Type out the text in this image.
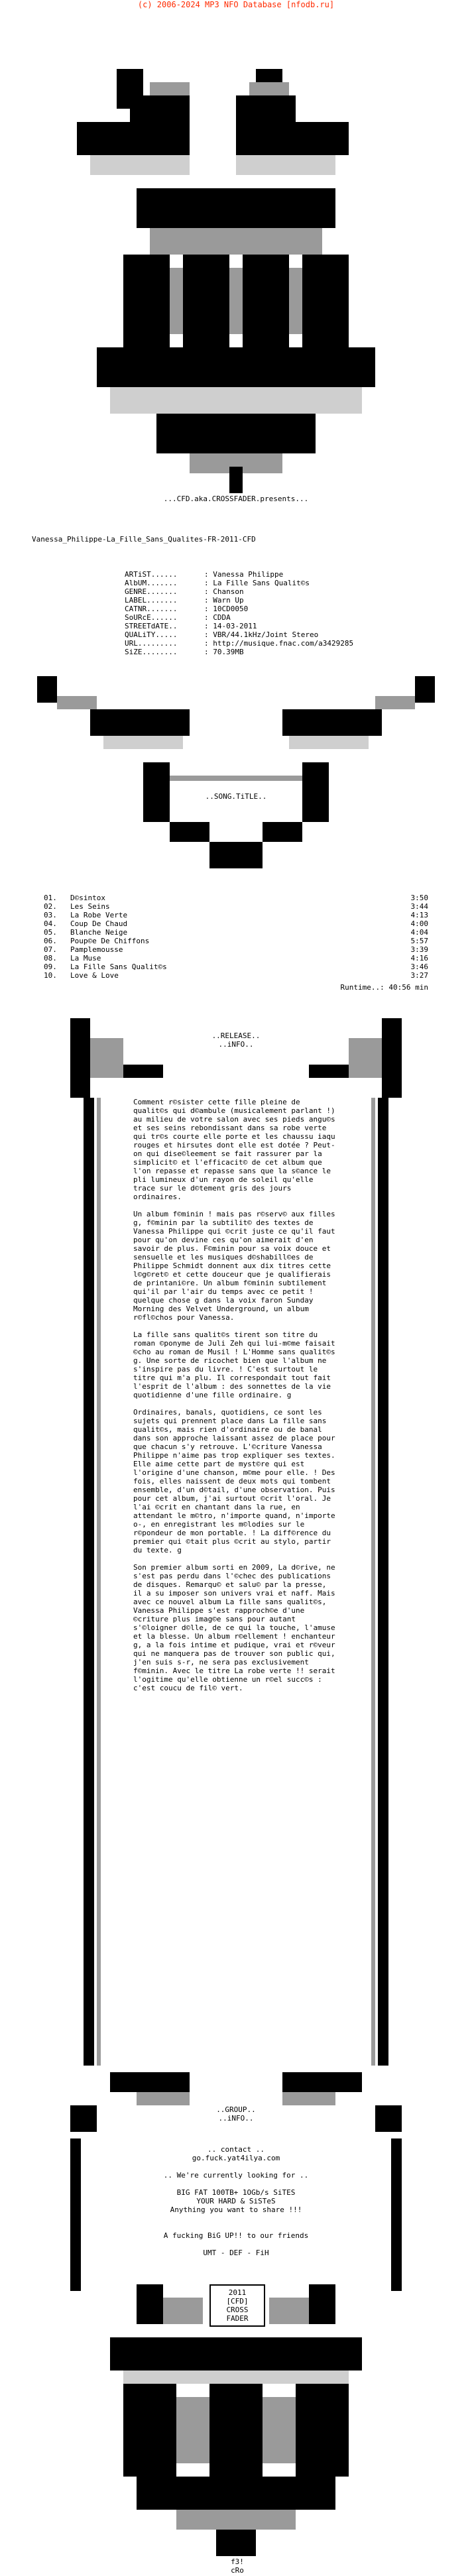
(c) 2006-2024 MP3 NFO Database [nfodb.ru]
f3!
cRo
...CFD.aka.CROSSFADER.presents...
Vanessa_Philippe-La_Fille_Sans_Qualites-FR-2011-CFD
ARTiST......	: Vanessa Philippe
AlbUM.......	: La Fille Sans Qualit©s
GENRE.......	: Chanson
LABEL.......	: Warn Up
CATNR.......	: 10CD0050
SoURcE......	: CDDA
STREETdATE..	: 14-03-2011
QUALiTY.....	: VBR/44.1kHz/Joint Stereo
URL.........	: http://musique.fnac.com/a3429285
SiZE........	: 70.39MB
..SONG.TiTLE..
01.	D©sintox	3:50
02.	Les Seins	3:44
03.	La Robe Verte	4:13
04.	Coup De Chaud	4:00
05.	Blanche Neige	4:04
06.	Poup©e De Chiffons	5:57
07.	Pamplemousse	3:39
08.	La Muse	4:16
09.	La Fille Sans Qualit©s	3:46
10.	Love & Love	3:27
Runtime..: 40:56 min
..RELEASE..
..iNFO..

Comment r©sister cette fille pleine de qualit©s qui d©ambule (musicalement parlant !) au milieu de votre salon avec ses pieds angu©s et ses seins rebondissant dans sa robe verte qui tr©s courte elle porte et les chaussu iaqu rouges et hirsutes dont elle est dotée ? Peut-on qui dise©leement se fait rassurer par la simplicit© et l'efficacit© de cet album que l'on repasse et repasse sans que la s©ance le pli lumineux d'un rayon de soleil qu'elle trace sur le d©tement gris des jours ordinaires.

Un album f©minin ! mais pas r©serv© aux filles g, f©minin par la subtilit© des textes de Vanessa Philippe qui ©crit juste ce qu'il faut pour qu'on devine ces qu'on aimerait d'en savoir de plus. F©minin pour sa voix douce et sensuelle et les musiques d©shabill©es de Philippe Schmidt donnent aux dix titres cette l©g©ret© et cette douceur que je qualifierais de printani©re. Un album f©minin subtilement qui'il par l'air du temps avec ce petit ! quelque chose g dans la voix faron Sunday Morning des Velvet Underground, un album r©fl©chos pour Vanessa.

La fille sans qualit©s tirent son titre du roman ©ponyme de Juli Zeh qui lui-m©me faisait ©cho au roman de Musil ! L'Homme sans qualit©s g. Une sorte de ricochet bien que l'album ne s'inspire pas du livre. ! C'est surtout le titre qui m'a plu. Il correspondait tout fait l'esprit de l'album : des sonnettes de la vie quotidienne d'une fille ordinaire. g

Ordinaires, banals, quotidiens, ce sont les sujets qui prennent place dans La fille sans qualit©s, mais rien d'ordinaire ou de banal dans son approche laissant assez de place pour que chacun s'y retrouve. L'©criture Vanessa Philippe n'aime pas trop expliquer ses textes. Elle aime cette part de myst©re qui est l'origine d'une chanson, m©me pour elle. ! Des fois, elles naissent de deux mots qui tombent ensemble, d'un d©tail, d'une observation. Puis pour cet album, j'ai surtout ©crit l'oral. Je l'ai ©crit en chantant dans la rue, en attendant le m©tro, n'importe quand, n'importe o-, en enregistrant les m©lodies sur le r©pondeur de mon portable. ! La diff©rence du premier qui ©tait plus ©crit au stylo, partir du texte. g

Son premier album sorti en 2009, La d©rive, ne s'est pas perdu dans l'©chec des publications de disques. Remarqu© et salu© par la presse, il a su imposer son univers vrai et naff. Mais avec ce nouvel album La fille sans qualit©s, Vanessa Philippe s'est rapproch©e d'une ©criture plus imag©e sans pour autant s'©loigner d©lle, de ce qui la touche, l'amuse et la blesse. Un album r©ellement ! enchanteur g, a la fois intime et pudique, vrai et r©veur qui ne manquera pas de trouver son public qui, j'en suis s-r, ne sera pas exclusivement f©minin. Avec le titre La robe verte !! serait l'ogitime qu'elle obtienne un r©el succ©s : c'est coucu de fil© vert.

..GROUP..
..iNFO..
.. contact ..
go.fuck.yat4ilya.com
.. We're currently looking for ..
BIG FAT 100TB+ 1OGb/s SiTES
YOUR HARD & SiSTeS
Anything you want to share !!!
A fucking BiG UP!! to our friends
UMT - DEF - FiH
2011
[CFD]
CROSS
FADER
f3!
cRo
